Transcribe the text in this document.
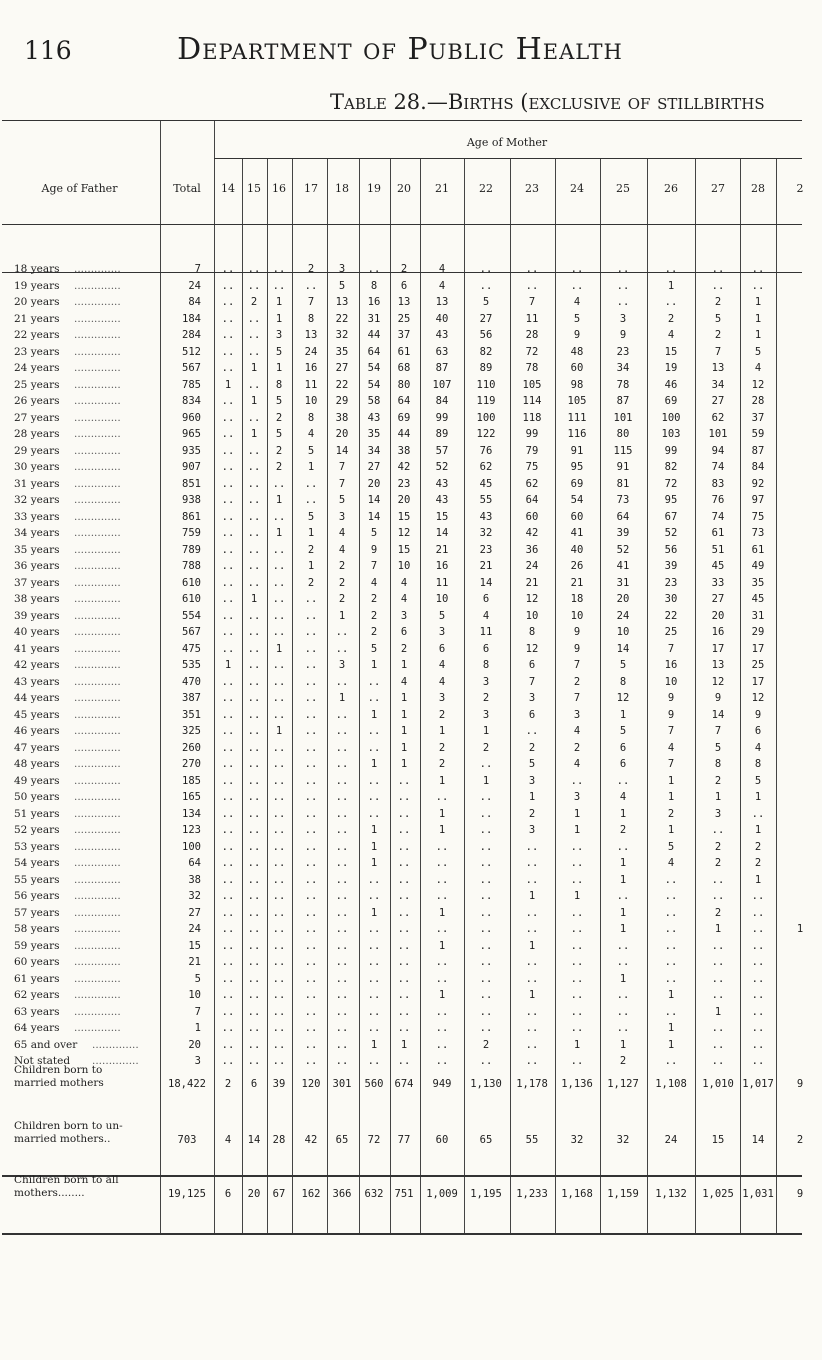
116	Department of Public Health
Table 28.—Births (exclusive of stillbirths
Age of Father	Total
Age of Mother
14	15	16	17	18	19	20	21	22	23	24	25	26	27	28	2
18 years ..............	7	..	..	..	2	3	..	2	4	..	..	..	..	..	..	..
19 years ..............	24	..	..	..	..	5	8	6	4	..	..	..	..	1	..	..
20 years ..............	84	..	2	1	7	13	16	13	13	5	7	4	..	..	2	1
21 years ..............	184	..	..	1	8	22	31	25	40	27	11	5	3	2	5	1
22 years ..............	284	..	..	3	13	32	44	37	43	56	28	9	9	4	2	1
23 years ..............	512	..	..	5	24	35	64	61	63	82	72	48	23	15	7	5
24 years ..............	567	..	1	1	16	27	54	68	87	89	78	60	34	19	13	4
25 years ..............	785	1	..	8	11	22	54	80	107	110	105	98	78	46	34	12
26 years ..............	834	..	1	5	10	29	58	64	84	119	114	105	87	69	27	28
27 years ..............	960	..	..	2	8	38	43	69	99	100	118	111	101	100	62	37
28 years ..............	965	..	1	5	4	20	35	44	89	122	99	116	80	103	101	59
29 years ..............	935	..	..	2	5	14	34	38	57	76	79	91	115	99	94	87
30 years ..............	907	..	..	2	1	7	27	42	52	62	75	95	91	82	74	84
31 years ..............	851	..	..	..	..	7	20	23	43	45	62	69	81	72	83	92
32 years ..............	938	..	..	1	..	5	14	20	43	55	64	54	73	95	76	97
33 years ..............	861	..	..	..	5	3	14	15	15	43	60	60	64	67	74	75
34 years ..............	759	..	..	1	1	4	5	12	14	32	42	41	39	52	61	73
35 years ..............	789	..	..	..	2	4	9	15	21	23	36	40	52	56	51	61
36 years ..............	788	..	..	..	1	2	7	10	16	21	24	26	41	39	45	49
37 years ..............	610	..	..	..	2	2	4	4	11	14	21	21	31	23	33	35
38 years ..............	610	..	1	..	..	2	2	4	10	6	12	18	20	30	27	45
39 years ..............	554	..	..	..	..	1	2	3	5	4	10	10	24	22	20	31
40 years ..............	567	..	..	..	..	..	2	6	3	11	8	9	10	25	16	29
41 years ..............	475	..	..	1	..	..	5	2	6	6	12	9	14	7	17	17
42 years ..............	535	1	..	..	..	3	1	1	4	8	6	7	5	16	13	25
43 years ..............	470	..	..	..	..	..	..	4	4	3	7	2	8	10	12	17
44 years ..............	387	..	..	..	..	1	..	1	3	2	3	7	12	9	9	12
45 years ..............	351	..	..	..	..	..	1	1	2	3	6	3	1	9	14	9
46 years ..............	325	..	..	1	..	..	..	1	1	1	..	4	5	7	7	6
47 years ..............	260	..	..	..	..	..	..	1	2	2	2	2	6	4	5	4
48 years ..............	270	..	..	..	..	..	1	1	2	..	5	4	6	7	8	8
49 years ..............	185	..	..	..	..	..	..	..	1	1	3	..	..	1	2	5
50 years ..............	165	..	..	..	..	..	..	..	..	..	1	3	4	1	1	1
51 years ..............	134	..	..	..	..	..	..	..	1	..	2	1	1	2	3	..
52 years ..............	123	..	..	..	..	..	1	..	1	..	3	1	2	1	..	1
53 years ..............	100	..	..	..	..	..	1	..	..	..	..	..	..	5	2	2
54 years ..............	64	..	..	..	..	..	1	..	..	..	..	..	1	4	2	2
55 years ..............	38	..	..	..	..	..	..	..	..	..	..	..	1	..	..	1
56 years ..............	32	..	..	..	..	..	..	..	..	..	1	1	..	..	..	..
57 years ..............	27	..	..	..	..	..	1	..	1	..	..	..	1	..	2	..
58 years ..............	24	..	..	..	..	..	..	..	..	..	..	..	1	..	1	..	1
59 years ..............	15	..	..	..	..	..	..	..	1	..	1	..	..	..	..	..
60 years ..............	21	..	..	..	..	..	..	..	..	..	..	..	..	..	..	..
61 years ..............	5	..	..	..	..	..	..	..	..	..	..	..	1	..	..	..
62 years ..............	10	..	..	..	..	..	..	..	1	..	1	..	..	1	..	..
63 years ..............	7	..	..	..	..	..	..	..	..	..	..	..	..	..	1	..
64 years ..............	1	..	..	..	..	..	..	..	..	..	..	..	..	1	..	..
65 and over ..............	20	..	..	..	..	..	1	1	..	2	..	1	1	1	..	..
Not stated ..............	3	..	..	..	..	..	..	..	..	..	..	..	2	..	..	..
Children born to married mothers	18,422	2	6	39	120	301	560	674	949	1,130	1,178	1,136	1,127	1,108	1,010 1,017	9
Children born to un-married mothers..	703	4	14	28	42	65	72	77	60	65	55	32	32	24	15	14	2
Children born to all mothers........	19,125	6	20	67	162	366	632	751	1,009	1,195	1,233	1,168	1,159	1,132	1,025 1,031	9
